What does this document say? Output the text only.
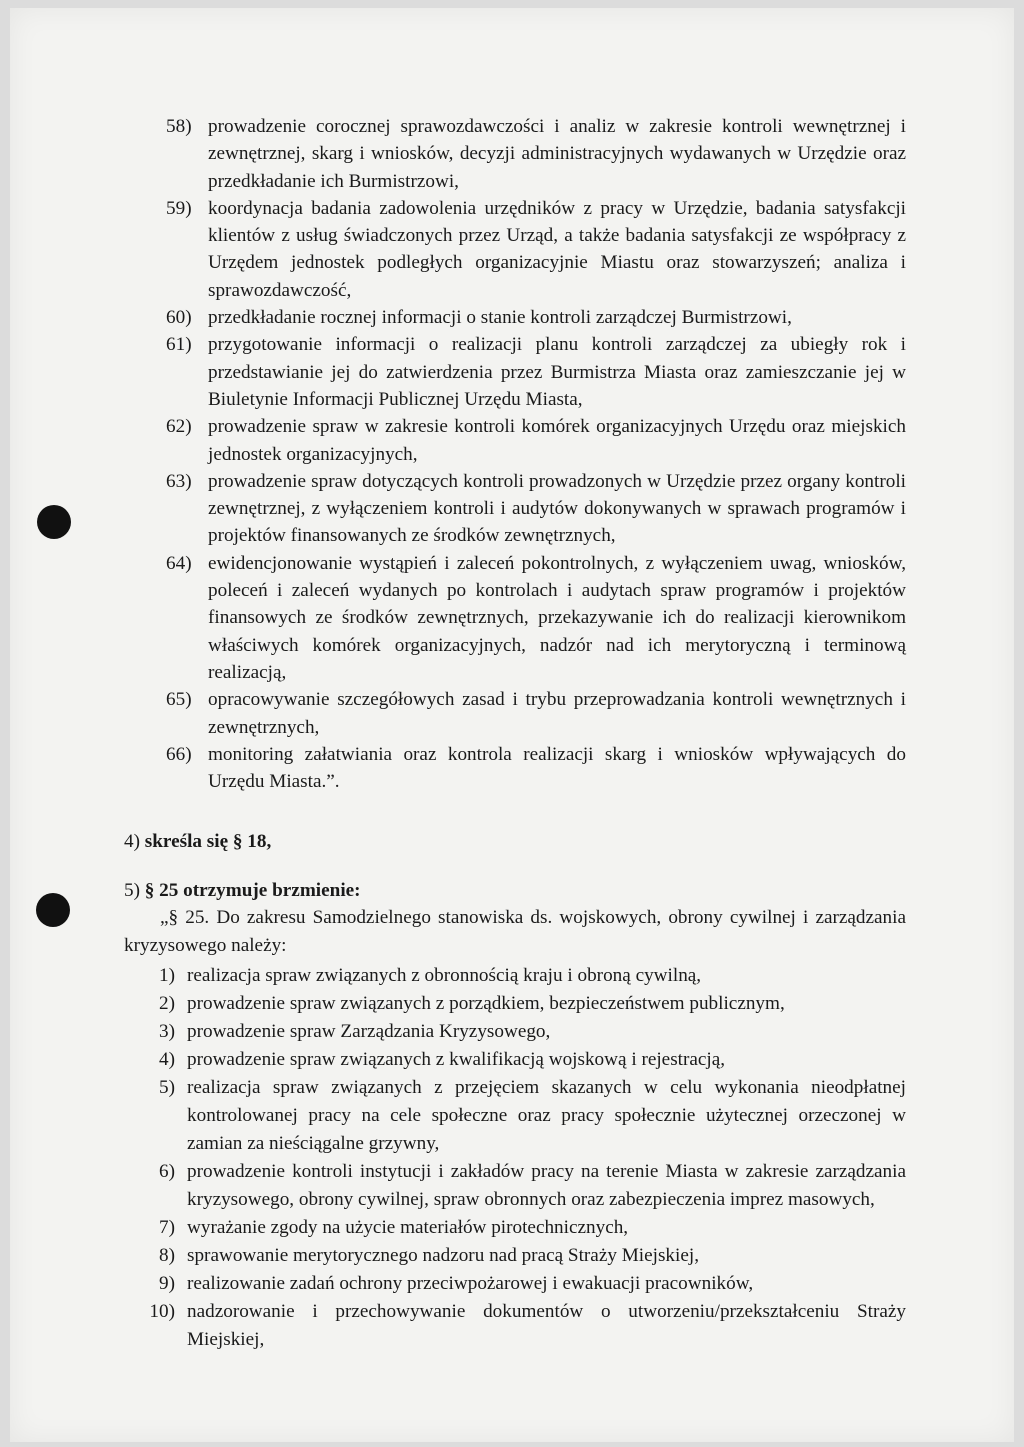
58) prowadzenie corocznej sprawozdawczości i analiz w zakresie kontroli wewnętrznej i zewnętrznej, skarg i wniosków, decyzji administracyjnych wydawanych w Urzędzie oraz przedkładanie ich Burmistrzowi,
59) koordynacja badania zadowolenia urzędników z pracy w Urzędzie, badania satysfakcji klientów z usług świadczonych przez Urząd, a także badania satysfakcji ze współpracy z Urzędem jednostek podległych organizacyjnie Miastu oraz stowarzyszeń; analiza i sprawozdawczość,
60) przedkładanie rocznej informacji o stanie kontroli zarządczej Burmistrzowi,
61) przygotowanie informacji o realizacji planu kontroli zarządczej za ubiegły rok i przedstawianie jej do zatwierdzenia przez Burmistrza Miasta oraz zamieszczanie jej w Biuletynie Informacji Publicznej Urzędu Miasta,
62) prowadzenie spraw w zakresie kontroli komórek organizacyjnych Urzędu oraz miejskich jednostek organizacyjnych,
63) prowadzenie spraw dotyczących kontroli prowadzonych w Urzędzie przez organy kontroli zewnętrznej, z wyłączeniem kontroli i audytów dokonywanych w sprawach programów i projektów finansowanych ze środków zewnętrznych,
64) ewidencjonowanie wystąpień i zaleceń pokontrolnych, z wyłączeniem uwag, wniosków, poleceń i zaleceń wydanych po kontrolach i audytach spraw programów i projektów finansowych ze środków zewnętrznych, przekazywanie ich do realizacji kierownikom właściwych komórek organizacyjnych, nadzór nad ich merytoryczną i terminową realizacją,
65) opracowywanie szczegółowych zasad i trybu przeprowadzania kontroli wewnętrznych i zewnętrznych,
66) monitoring załatwiania oraz kontrola realizacji skarg i wniosków wpływających do Urzędu Miasta.”.
4) skreśla się § 18,
5) § 25 otrzymuje brzmienie:
„§ 25. Do zakresu Samodzielnego stanowiska ds. wojskowych, obrony cywilnej i zarządzania kryzysowego należy:
1) realizacja spraw związanych z obronnością kraju i obroną cywilną,
2) prowadzenie spraw związanych z porządkiem, bezpieczeństwem publicznym,
3) prowadzenie spraw Zarządzania Kryzysowego,
4) prowadzenie spraw związanych z kwalifikacją wojskową i rejestracją,
5) realizacja spraw związanych z przejęciem skazanych w celu wykonania nieodpłatnej kontrolowanej pracy na cele społeczne oraz pracy społecznie użytecznej orzeczonej w zamian za nieściągalne grzywny,
6) prowadzenie kontroli instytucji i zakładów pracy na terenie Miasta w zakresie zarządzania kryzysowego, obrony cywilnej, spraw obronnych oraz zabezpieczenia imprez masowych,
7) wyrażanie zgody na użycie materiałów pirotechnicznych,
8) sprawowanie merytorycznego nadzoru nad pracą Straży Miejskiej,
9) realizowanie zadań ochrony przeciwpożarowej i ewakuacji pracowników,
10) nadzorowanie i przechowywanie dokumentów o utworzeniu/przekształceniu Straży Miejskiej,
